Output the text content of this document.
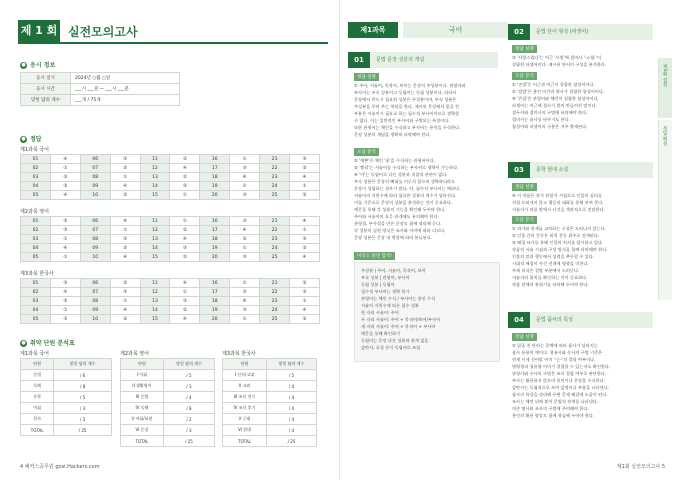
제 1 회 실전모의고사
● 응시 정보
응시 일시	2024년 ○월 ○일
응시 시간	___시 ___분 ~ ___시 ___분
맞힌 답의 개수	___개 / 75개
● 정답
제1과목 국어
01	④	06	③	11	②	16	①	21	③
02	①	07	②	12	④	17	③	22	②
03	③	08	①	13	②	18	④	23	④
04	②	09	④	14	③	19	①	24	①
05	④	10	②	15	①	20	③	25	②
제2과목 영어
01	②	06	④	11	①	16	③	21	④
02	③	07	①	12	②	17	④	22	①
03	①	08	③	13	④	18	②	23	③
04	④	09	②	14	③	19	①	24	②
05	①	10	④	15	②	20	③	25	④
제3과목 한국사
01	③	06	②	11	④	16	①	21	②
02	④	07	③	12	①	17	②	22	③
03	②	08	①	13	③	18	④	23	①
04	①	09	④	14	②	19	③	24	④
05	③	10	②	15	④	20	①	25	②
● 취약 단원 분석표
제1과목 국어	제2과목 영어	제3과목 한국사
단원	맞힌 답의 개수
문법	/ 6
독해	/ 8
문학	/ 5
어휘	/ 3
한자	/ 3
TOTAL	/ 25
단원	맞힌 답의 개수
I 어휘	/ 5
II 생활영어	/ 3
III 문법	/ 4
IV 독해	/ 8
V 어휘/표현	/ 2
VI 문장	/ 3
TOTAL	/ 25
단원	맞힌 답의 개수
I 선사/고대	/ 5
II 고려	/ 4
III 조선 전기	/ 4
IV 조선 후기	/ 4
V 근대	/ 4
VI 현대	/ 4
TOTAL	/ 25
4 해커스공무원 gosi.Hackers.com
제1과목	국어
01	문법 문장 성분의 개념
정답 설명
① 주어, 서술어, 목적어, 보어는 문장의 주성분이다. 관형어와
부사어는 부속 성분이고 독립어는 독립 성분이다. 따라서
문장에서 반드시 필요한 성분은 주성분이며, 부속 성분은
주성분을 꾸며 주는 역할을 한다. 제시된 문장에서 밑줄 친
부분은 서술어가 필요로 하는 필수적 부사어이므로 생략할
수 없다. 이는 일반적인 부사어와 구별되는 특징이다.
또한 관형어는 체언을 수식하고 부사어는 용언을 수식한다.
문장 성분의 개념을 정확히 파악해야 한다.
오답 분석
② '예쁜'은 체언 '꽃'을 수식하는 관형어이다.
③ '빨리'는 서술어를 수식하는 부사어로 생략이 가능하다.
④ '아'는 독립어로 다른 성분과 직접적 관련이 없다.
부속 성분은 문장의 뼈대를 이루지 않으며 생략하더라도
문장이 성립하는 경우가 많다. 단, 필수적 부사어는 예외다.
서술어의 자릿수에 따라 필요한 성분의 개수가 달라진다.
이를 기준으로 문장의 성분을 분석하는 것이 중요하다.
예문을 통해 각 성분의 기능을 확인해 두어야 한다.
주어와 서술어의 호응 관계에도 유의해야 한다.
관형절, 부사절을 안은 문장도 함께 정리해 둔다.
각 성분의 실현 방식은 조사와 어미에 따라 다르다.
문장 성분은 문장 내 역할에 따라 분류된다.
이것도 알면 합격!
주성분 | 주어, 서술어, 목적어, 보어
부속 성분 | 관형어, 부사어
독립 성분 | 독립어
필수적 부사어는 생략 불가
관형어는 체언 수식 / 부사어는 용언 수식
서술어 자릿수에 따른 필수 성분
한 자리 서술어: 주어
두 자리 서술어: 주어 + 목적어/보어/부사어
세 자리 서술어: 주어 + 목적어 + 부사어
예문을 통해 확인하기
독립어는 문장 다른 성분과 관계 없음
감탄사, 호칭 등이 독립어로 쓰임
02	문법 단어 형성 (파생어)
정답 설명
③ '사랑스럽다'는 어근 '사랑'에 접미사 '-스럽-'이
결합한 파생어이다. 제시된 단어의 구성을 분석한다.
오답 분석
① '손발'은 어근과 어근이 결합한 합성어이다.
② '덮밥'은 용언 어간과 명사가 결합한 합성어이다.
④ '큰집'은 관형어와 체언이 결합한 합성어이다.
파생어는 어근에 접사가 붙어 만들어진 말이다.
접두사와 접미사의 구별에 유의해야 한다.
접미사는 품사를 바꾸기도 한다.
합성어와 파생어의 구분은 자주 출제된다.
03	문학 현대 소설
정답 설명
④ 이 작품은 작가 관찰자 시점으로 인물의 심리를
직접 드러내지 않고 행동과 대화를 통해 보여 준다.
서술자가 작품 밖에서 사건을 객관적으로 전달한다.
오답 분석
① 과거와 현재를 교차하는 구성은 드러나지 않는다.
② 인물 간의 갈등은 외적 갈등 위주로 전개된다.
③ 배경 묘사를 통해 인물의 처지를 암시하고 있다.
작품의 서술 시점과 구성 방식을 함께 파악해야 한다.
인물의 말과 행동에서 성격을 추론할 수 있다.
시대적 배경이 사건 전개에 영향을 미친다.
주제 의식은 결말 부분에서 드러난다.
서술자의 위치를 확인하는 것이 중요하다.
작품 전체의 분위기를 파악해 두어야 한다.
04	문법 품사의 특성
정답 설명
② 밑줄 친 단어는 문맥에 따라 품사가 달라지는
품사 통용의 예이다. 형용사와 동사의 구별 기준은
현재 시제 선어말 어미 '-는-'의 결합 여부이다.
명령형과 청유형 어미가 결합할 수 있는지도 확인한다.
관형사와 수사의 구별은 조사 결합 여부로 판단한다.
부사는 활용하지 않으며 용언이나 문장을 수식한다.
감탄사는 독립적으로 쓰여 감정이나 부름을 나타낸다.
품사의 특성을 정리해 두면 문제 해결에 도움이 된다.
조사는 체언 뒤에 붙어 문법적 관계를 나타낸다.
의존 명사와 조사의 구별에 주의해야 한다.
용언의 활용 양상도 함께 학습해 두어야 한다.
제1회 실전
정답·해설
제1회 실전모의고사 5
